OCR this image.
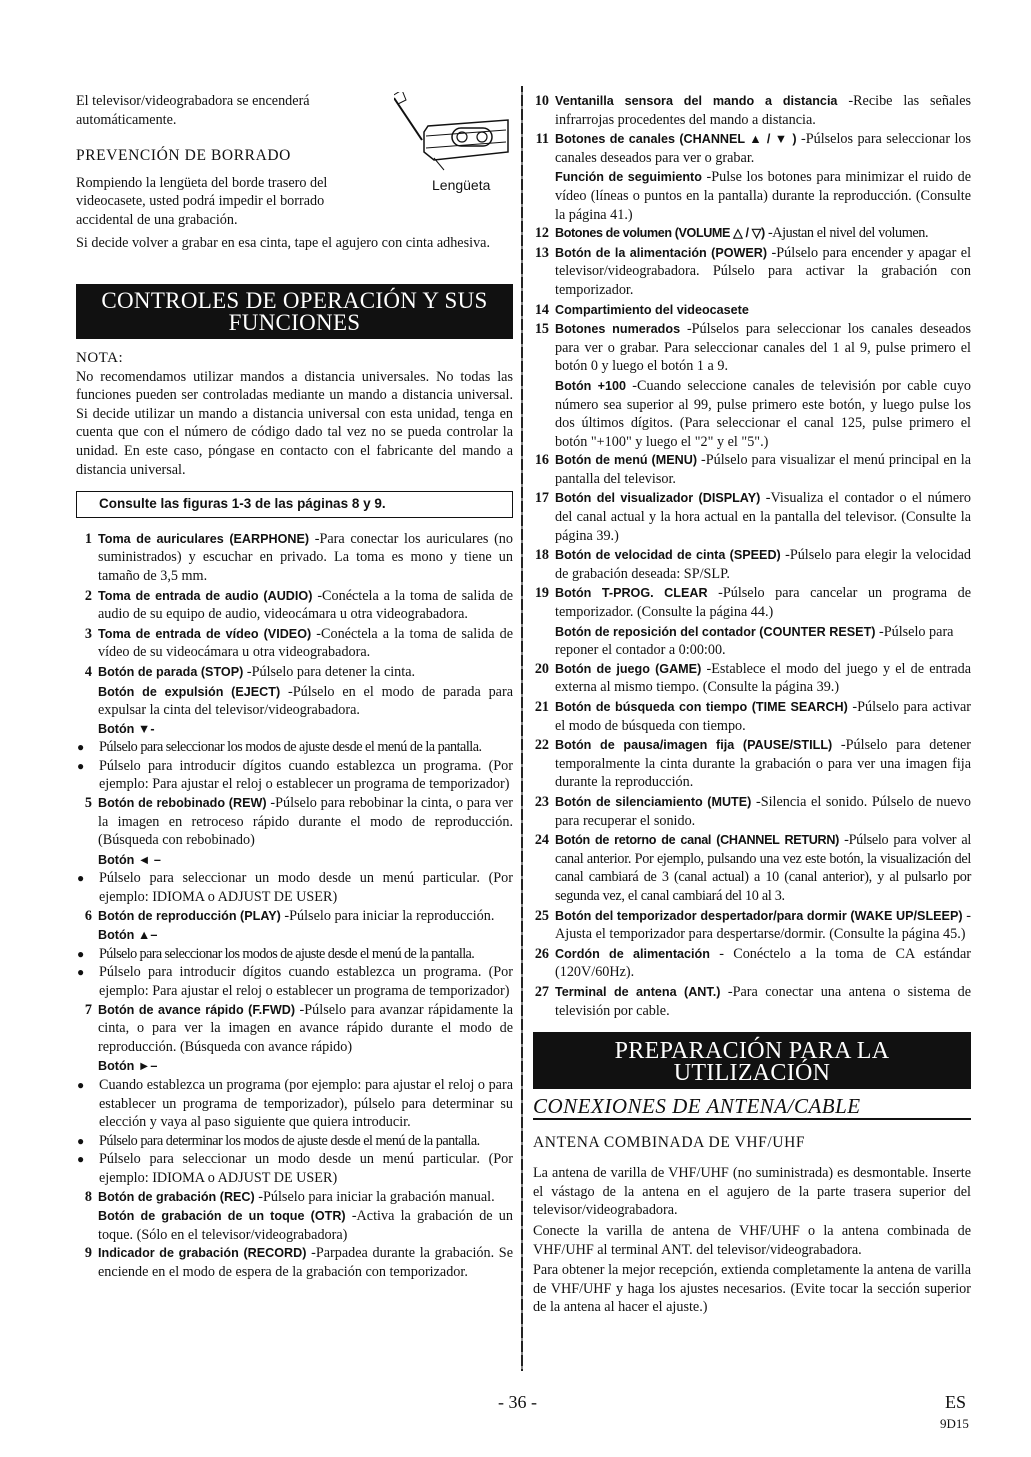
El televisor/videograbadora se encenderá automáticamente.

PREVENCIÓN DE BORRADO

Rompiendo la lengüeta del borde trasero del videocasete, usted podrá impedir el borrado accidental de una grabación.

Lengüeta

Si decide volver a grabar en esa cinta, tape el agujero con cinta adhesiva.

CONTROLES DE OPERACIÓN Y SUS
FUNCIONES

NOTA:

No recomendamos utilizar mandos a distancia universales. No todas las funciones pueden ser controladas mediante un mando a distancia universal. Si decide utilizar un mando a distancia universal con esta unidad, tenga en cuenta que con el número de código dado tal vez no se pueda controlar la unidad. En este caso, póngase en contacto con el fabricante del mando a distancia universal.

Consulte las figuras 1-3 de las páginas 8 y 9.
1 Toma de auriculares (EARPHONE) -Para conectar los auriculares (no suministrados) y escuchar en privado. La toma es mono y tiene un tamaño de 3,5 mm.
2 Toma de entrada de audio (AUDIO) -Conéctela a la toma de salida de audio de su equipo de audio, videocámara u otra videograbadora.
3 Toma de entrada de vídeo (VIDEO) -Conéctela a la toma de salida de vídeo de su videocámara u otra videograbadora.
4 Botón de parada (STOP) -Púlselo para detener la cinta.
Botón de expulsión (EJECT) -Púlselo en el modo de parada para expulsar la cinta del televisor/videograbadora.
Botón ▼-
●	Púlselo para seleccionar los modos de ajuste desde el menú de la pantalla.
●	Púlselo para introducir dígitos cuando establezca un programa. (Por ejemplo: Para ajustar el reloj o establecer un programa de temporizador)
5 Botón de rebobinado (REW) -Púlselo para rebobinar la cinta, o para ver la imagen en retroceso rápido durante el modo de reproducción. (Búsqueda con rebobinado)
Botón ◄ –
●	Púlselo para seleccionar un modo desde un menú particular. (Por ejemplo: IDIOMA o ADJUST DE USER)
6 Botón de reproducción (PLAY) -Púlselo para iniciar la reproducción.
Botón ▲–
●	Púlselo para seleccionar los modos de ajuste desde el menú de la pantalla.
●	Púlselo para introducir dígitos cuando establezca un programa. (Por ejemplo: Para ajustar el reloj o establecer un programa de temporizador)
7 Botón de avance rápido (F.FWD) -Púlselo para avanzar rápidamente la cinta, o para ver la imagen en avance rápido durante el modo de reproducción. (Búsqueda con avance rápido)
Botón ►–
●	Cuando establezca un programa (por ejemplo: para ajustar el reloj o para establecer un programa de temporizador), púlselo para determinar su elección y vaya al paso siguiente que quiera introducir.
●	Púlselo para determinar los modos de ajuste desde el menú de la pantalla.
●	Púlselo para seleccionar un modo desde un menú particular. (Por ejemplo: IDIOMA o ADJUST DE USER)
8 Botón de grabación (REC) -Púlselo para iniciar la grabación manual.
Botón de grabación de un toque (OTR) -Activa la grabación de un toque. (Sólo en el televisor/videograbadora)
9 Indicador de grabación (RECORD) -Parpadea durante la grabación. Se enciende en el modo de espera de la grabación con temporizador.
10 Ventanilla sensora del mando a distancia -Recibe las señales infrarrojas procedentes del mando a distancia.
11 Botones de canales (CHANNEL ▲ / ▼ ) -Púlselos para seleccionar los canales deseados para ver o grabar.
Función de seguimiento -Pulse los botones para minimizar el ruido de vídeo (líneas o puntos en la pantalla) durante la reproducción. (Consulte la página 41.)
12 Botones de volumen (VOLUME △ / ▽) -Ajustan el nivel del volumen.
13 Botón de la alimentación (POWER) -Púlselo para encender y apagar el televisor/videograbadora. Púlselo para activar la grabación con temporizador.
14 Compartimiento del videocasete
15 Botones numerados -Púlselos para seleccionar los canales deseados para ver o grabar. Para seleccionar canales del 1 al 9, pulse primero el botón 0 y luego el botón 1 a 9.
Botón +100 -Cuando seleccione canales de televisión por cable cuyo número sea superior al 99, pulse primero este botón, y luego pulse los dos últimos dígitos. (Para seleccionar el canal 125, pulse primero el botón "+100" y luego el "2" y el "5".)
16 Botón de menú (MENU) -Púlselo para visualizar el menú principal en la pantalla del televisor.
17 Botón del visualizador (DISPLAY) -Visualiza el contador o el número del canal actual y la hora actual en la pantalla del televisor. (Consulte la página 39.)
18 Botón de velocidad de cinta (SPEED) -Púlselo para elegir la velocidad de grabación deseada: SP/SLP.
19 Botón T-PROG. CLEAR -Púlselo para cancelar un programa de temporizador. (Consulte la página 44.)
Botón de reposición del contador (COUNTER RESET) -Púlselo para reponer el contador a 0:00:00.
20 Botón de juego (GAME) -Establece el modo del juego y el de entrada externa al mismo tiempo. (Consulte la página 39.)
21 Botón de búsqueda con tiempo (TIME SEARCH) -Púlselo para activar el modo de búsqueda con tiempo.
22 Botón de pausa/imagen fija (PAUSE/STILL) -Púlselo para detener temporalmente la cinta durante la grabación o para ver una imagen fija durante la reproducción.
23 Botón de silenciamiento (MUTE) -Silencia el sonido. Púlselo de nuevo para recuperar el sonido.
24 Botón de retorno de canal (CHANNEL RETURN) -Púlselo para volver al canal anterior. Por ejemplo, pulsando una vez este botón, la visualización del canal cambiará de 3 (canal actual) a 10 (canal anterior), y al pulsarlo por segunda vez, el canal cambiará del 10 al 3.
25 Botón del temporizador despertador/para dormir (WAKE UP/SLEEP) -Ajusta el temporizador para despertarse/dormir. (Consulte la página 45.)
26 Cordón de alimentación - Conéctelo a la toma de CA estándar (120V/60Hz).
27 Terminal de antena (ANT.) -Para conectar una antena o sistema de televisión por cable.
PREPARACIÓN PARA LA UTILIZACIÓN

CONEXIONES DE ANTENA/CABLE

ANTENA COMBINADA DE VHF/UHF

La antena de varilla de VHF/UHF (no suministrada) es desmontable. Inserte el vástago de la antena en el agujero de la parte trasera superior del televisor/videograbadora.

Conecte la varilla de antena de VHF/UHF o la antena combinada de VHF/UHF al terminal ANT. del televisor/videograbadora.

Para obtener la mejor recepción, extienda completamente la antena de varilla de VHF/UHF y haga los ajustes necesarios. (Evite tocar la sección superior de la antena al hacer el ajuste.)

- 36 -	ES
9D15
